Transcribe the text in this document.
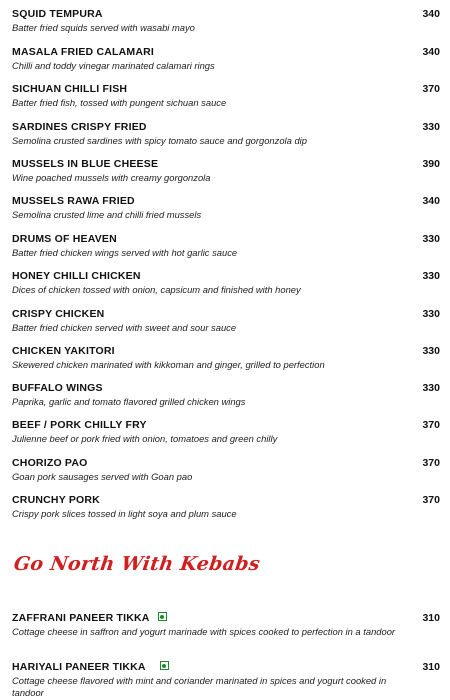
SQUID TEMPURA
Batter fried squids served with wasabi mayo
340
MASALA FRIED CALAMARI
Chilli and toddy vinegar marinated calamari rings
340
SICHUAN CHILLI FISH
Batter fried fish, tossed with pungent sichuan sauce
370
SARDINES CRISPY FRIED
Semolina crusted sardines with spicy tomato sauce and gorgonzola dip
330
MUSSELS IN BLUE CHEESE
Wine poached mussels with creamy gorgonzola
390
MUSSELS RAWA FRIED
Semolina crusted lime and chilli fried mussels
340
DRUMS OF HEAVEN
Batter fried chicken wings served with hot garlic sauce
330
HONEY CHILLI CHICKEN
Dices of chicken tossed with onion, capsicum and finished with honey
330
CRISPY CHICKEN
Batter fried chicken served with sweet and sour sauce
330
CHICKEN YAKITORI
Skewered chicken marinated with kikkoman and ginger, grilled to perfection
330
BUFFALO WINGS
Paprika, garlic and tomato flavored grilled chicken wings
330
BEEF / PORK CHILLY FRY
Julienne beef or pork fried with onion, tomatoes and green chilly
370
CHORIZO PAO
Goan pork sausages served with Goan pao
370
CRUNCHY PORK
Crispy pork slices tossed in light soya and plum sauce
370
Go North With Kebabs
ZAFFRANI PANEER TIKKA
Cottage cheese in saffron and yogurt marinade with spices cooked to perfection in a tandoor
310
HARIYALI PANEER TIKKA
Cottage cheese flavored with mint and coriander marinated in spices and yogurt cooked in tandoor
310
